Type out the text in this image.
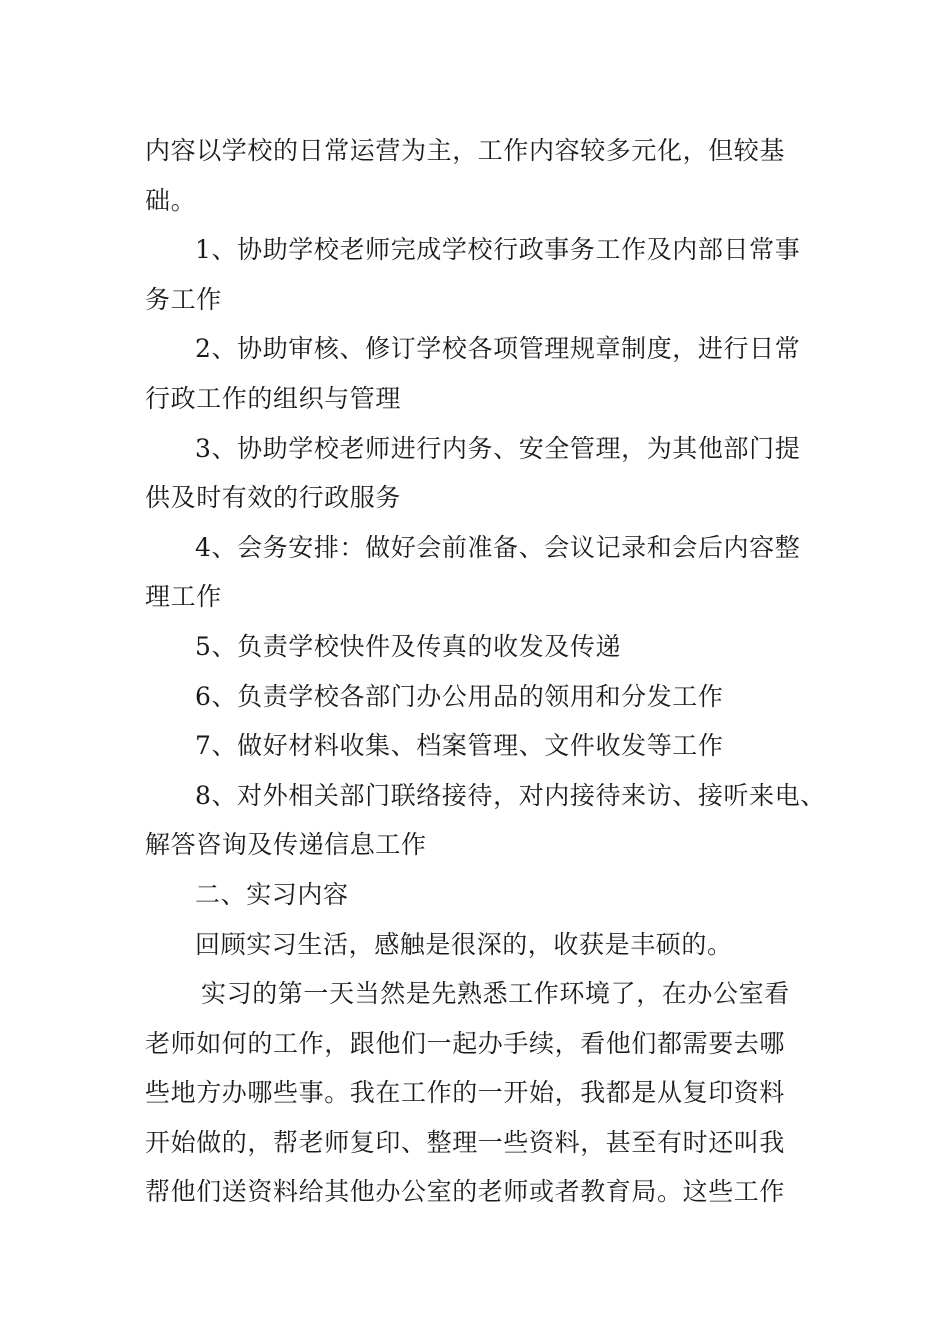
内容以学校的日常运营为主，工作内容较多元化，但较基
础。
1、协助学校老师完成学校行政事务工作及内部日常事
务工作
2、协助审核、修订学校各项管理规章制度，进行日常
行政工作的组织与管理
3、协助学校老师进行内务、安全管理，为其他部门提
供及时有效的行政服务
4、会务安排：做好会前准备、会议记录和会后内容整
理工作
5、负责学校快件及传真的收发及传递
6、负责学校各部门办公用品的领用和分发工作
7、做好材料收集、档案管理、文件收发等工作
8、对外相关部门联络接待，对内接待来访、接听来电、
解答咨询及传递信息工作
二、实习内容
回顾实习生活，感触是很深的，收获是丰硕的。
实习的第一天当然是先熟悉工作环境了，在办公室看
老师如何的工作，跟他们一起办手续，看他们都需要去哪
些地方办哪些事。我在工作的一开始，我都是从复印资料
开始做的，帮老师复印、整理一些资料，甚至有时还叫我
帮他们送资料给其他办公室的老师或者教育局。这些工作
